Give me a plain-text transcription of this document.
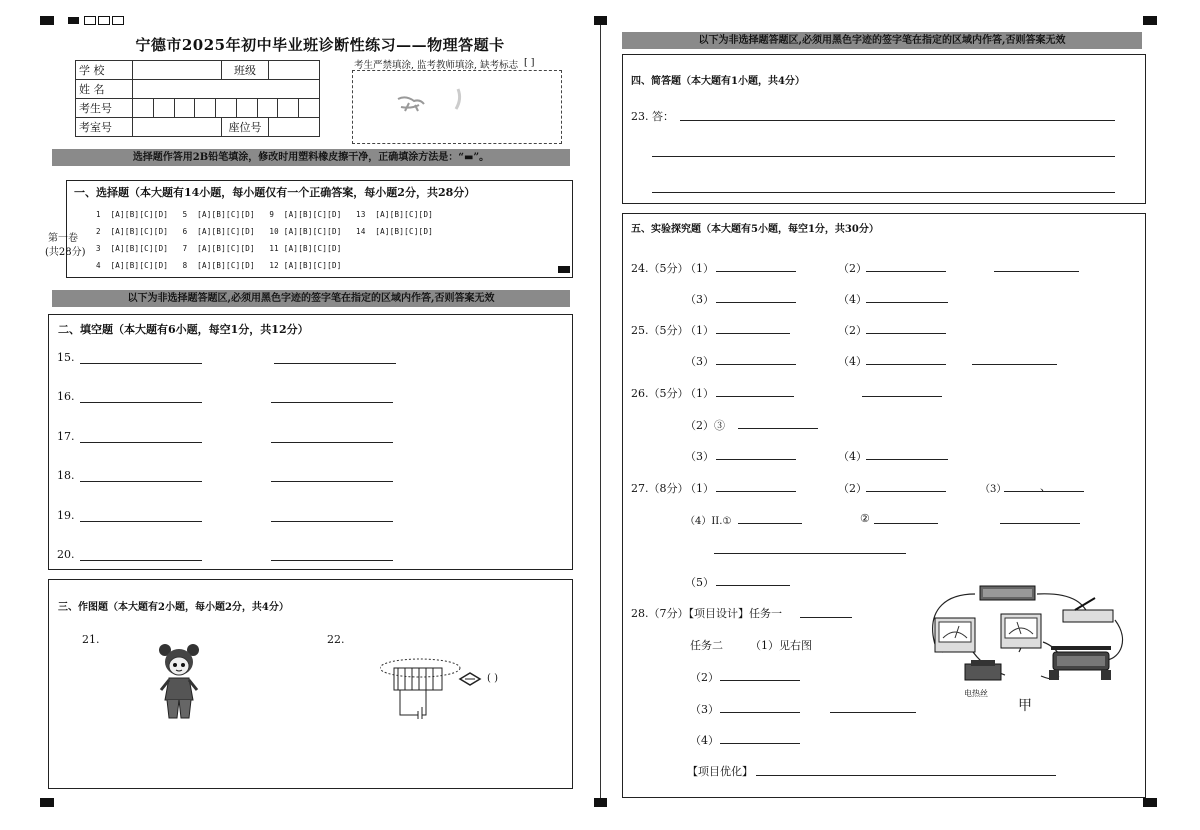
宁德市2025年初中毕业班诊断性练习——物理答题卡
学 校		班级	
姓 名			
考生号			

考室号		座位号	
考生严禁填涂, 监考教师填涂, 缺考标志 [ ]
选择题作答用2B铅笔填涂，修改时用塑料橡皮擦干净，正确填涂方法是：“▬”。
一、选择题（本大题有14小题，每小题仅有一个正确答案，每小题2分，共28分）
第一卷
(共28分)
1  [A][B][C][D]   5  [A][B][C][D]   9  [A][B][C][D]   13  [A][B][C][D]
2  [A][B][C][D]   6  [A][B][C][D]   10 [A][B][C][D]   14  [A][B][C][D]
3  [A][B][C][D]   7  [A][B][C][D]   11 [A][B][C][D]
4  [A][B][C][D]   8  [A][B][C][D]   12 [A][B][C][D]
以下为非选择题答题区,必须用黑色字迹的签字笔在指定的区域内作答,否则答案无效
二、填空题（本大题有6小题，每空1分，共12分）
15.
16.
17.
18.
19.
20.
三、作图题（本大题有2小题，每小题2分，共4分）
21.	22.
( )
以下为非选择题答题区,必须用黑色字迹的签字笔在指定的区域内作答,否则答案无效
四、简答题（本大题有1小题，共4分）
23. 答：
五、实验探究题（本大题有5小题，每空1分，共30分）
24.（5分）
（1）	（2）
（3）	（4）
25.（5分）
（1）	（2）
（3）	（4）
26.（5分）
（1）
（2）③
（3）	（4）
27.（8分）
（1）	（2）	（3）	、
（4）II.①	②
（5）
28.（7分）【项目设计】任务一
任务二 （1）见右图
（2）
（3）
（4）
【项目优化】
电热丝
甲
